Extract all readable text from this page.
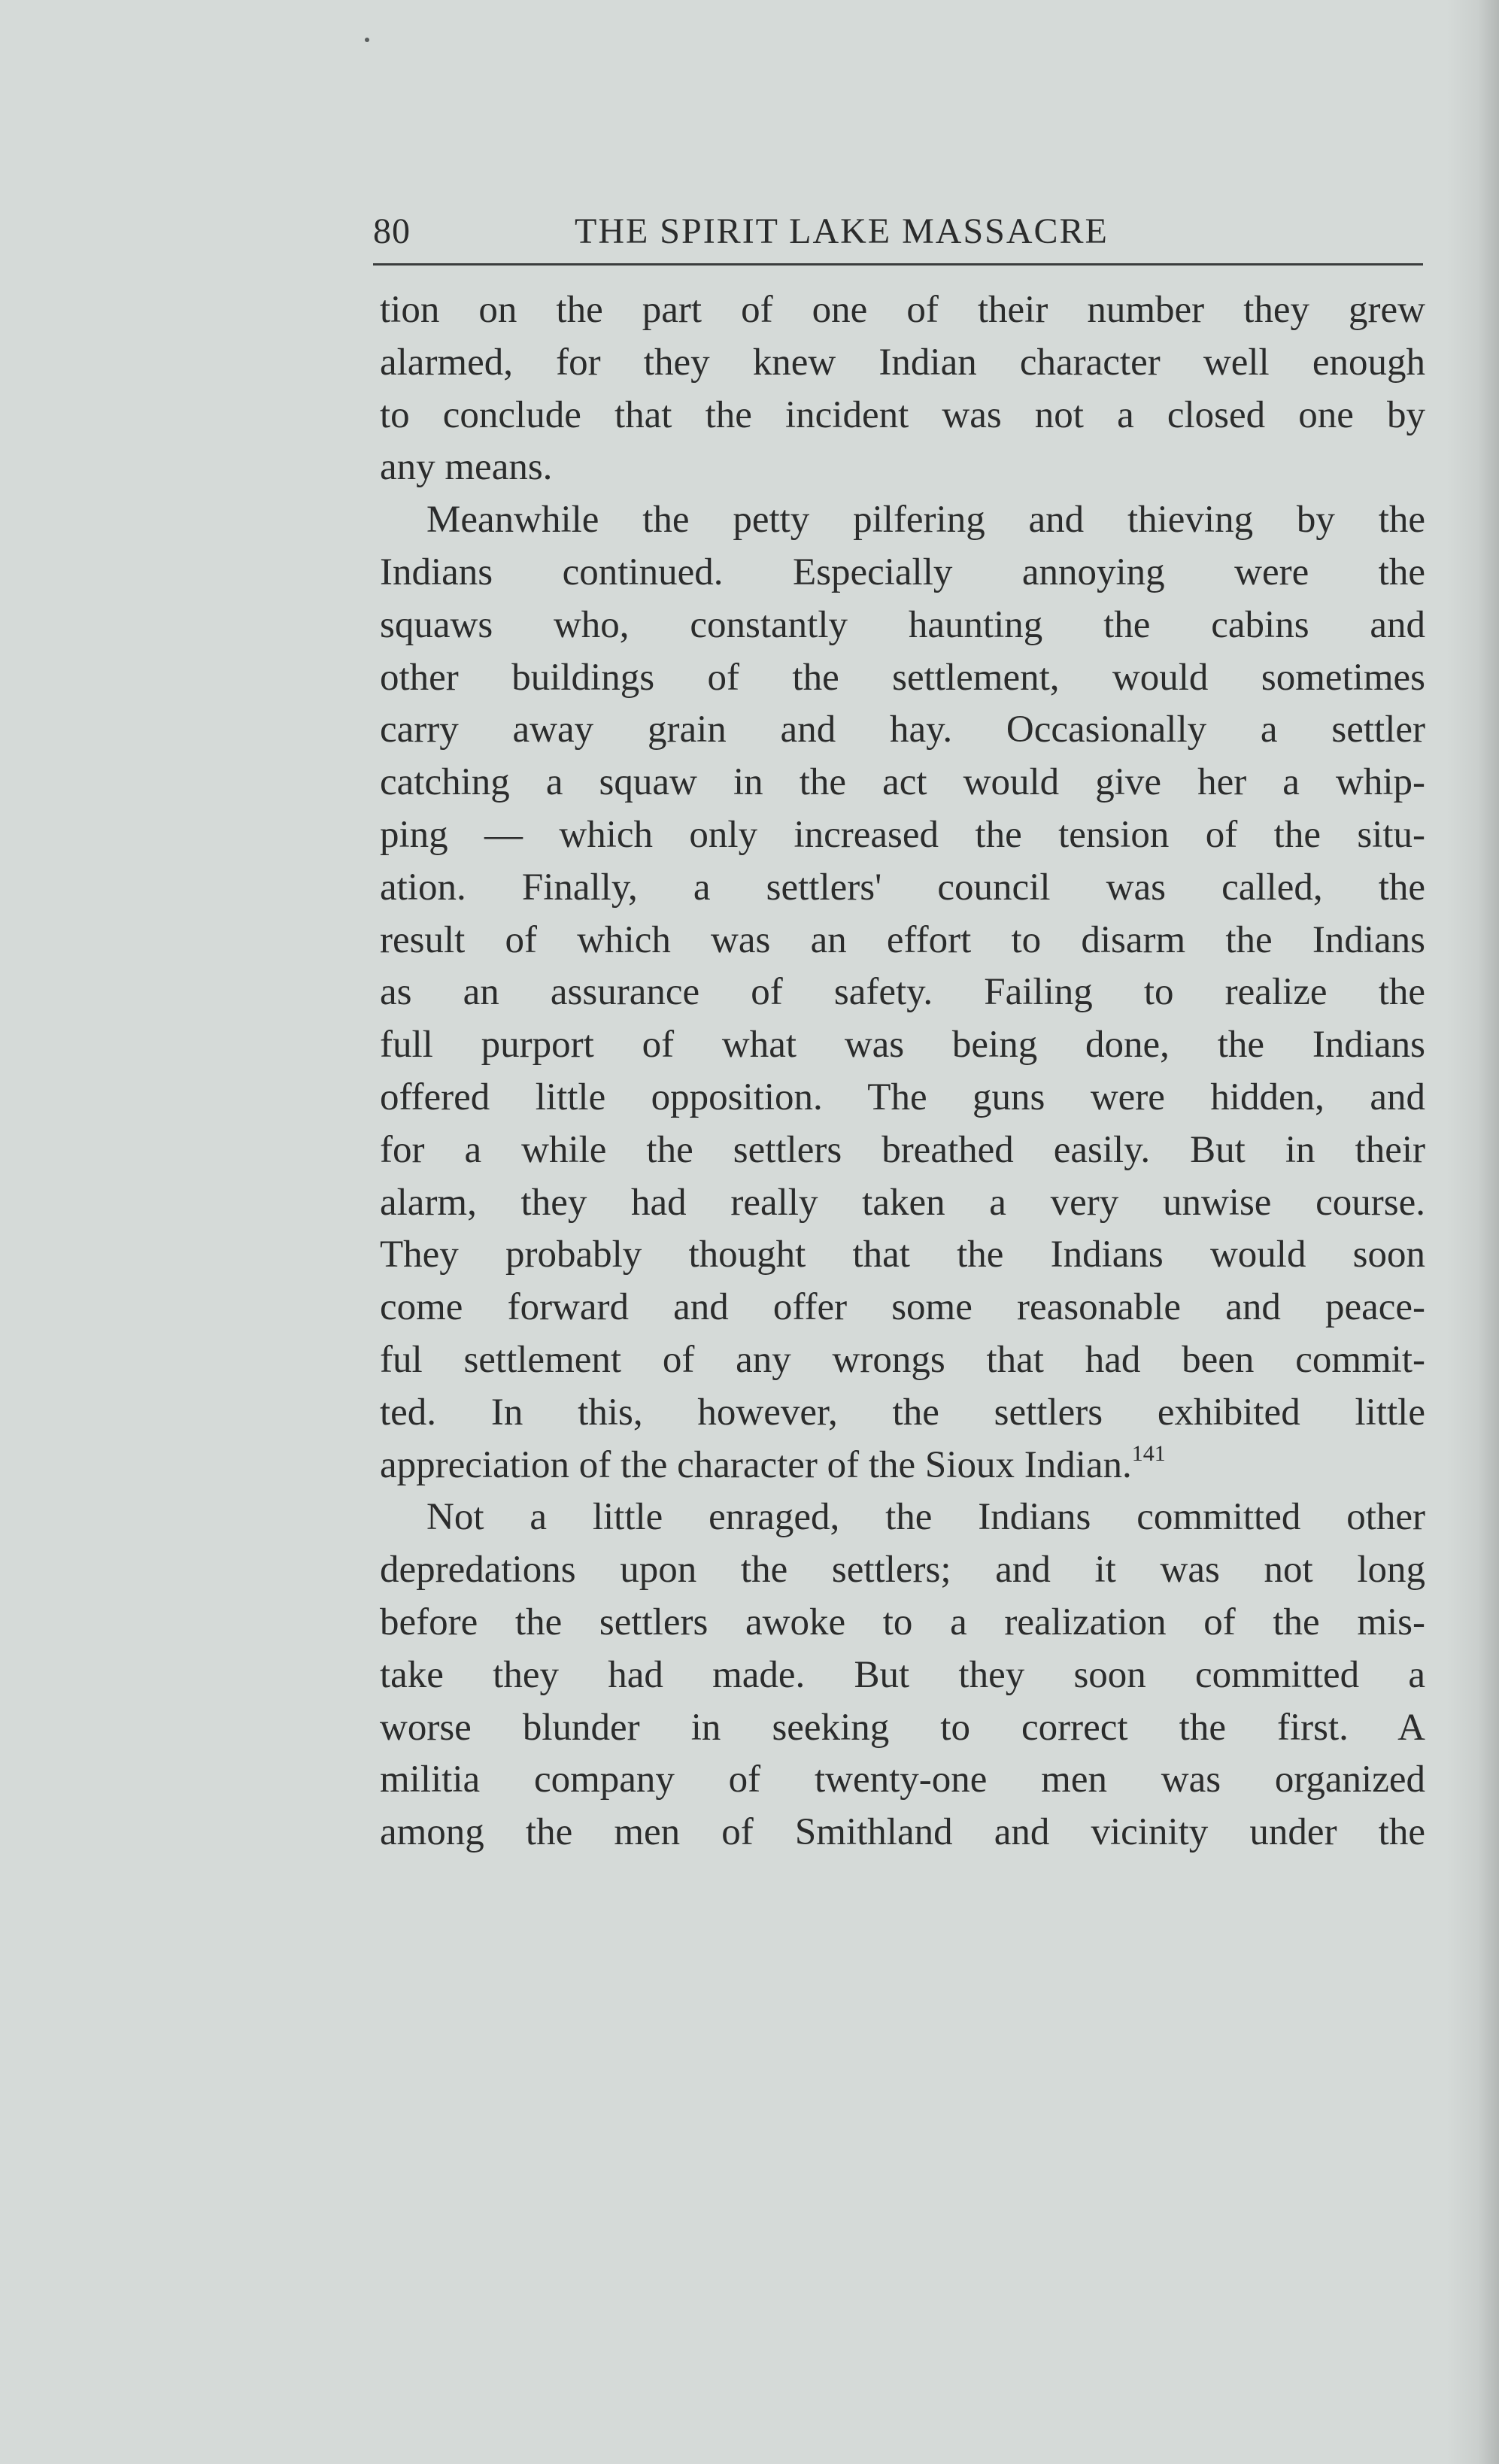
80	THE SPIRIT LAKE MASSACRE
tion on the part of one of their number they grew
alarmed, for they knew Indian character well enough
to conclude that the incident was not a closed one by
any means.
Meanwhile the petty pilfering and thieving by the
Indians continued. Especially annoying were the
squaws who, constantly haunting the cabins and
other buildings of the settlement, would sometimes
carry away grain and hay. Occasionally a settler
catching a squaw in the act would give her a whip-
ping — which only increased the tension of the situ-
ation. Finally, a settlers' council was called, the
result of which was an effort to disarm the Indians
as an assurance of safety. Failing to realize the
full purport of what was being done, the Indians
offered little opposition. The guns were hidden, and
for a while the settlers breathed easily. But in their
alarm, they had really taken a very unwise course.
They probably thought that the Indians would soon
come forward and offer some reasonable and peace-
ful settlement of any wrongs that had been commit-
ted. In this, however, the settlers exhibited little
appreciation of the character of the Sioux Indian.$^{141}$
Not a little enraged, the Indians committed other
depredations upon the settlers; and it was not long
before the settlers awoke to a realization of the mis-
take they had made. But they soon committed a
worse blunder in seeking to correct the first. A
militia company of twenty-one men was organized
among the men of Smithland and vicinity under the
